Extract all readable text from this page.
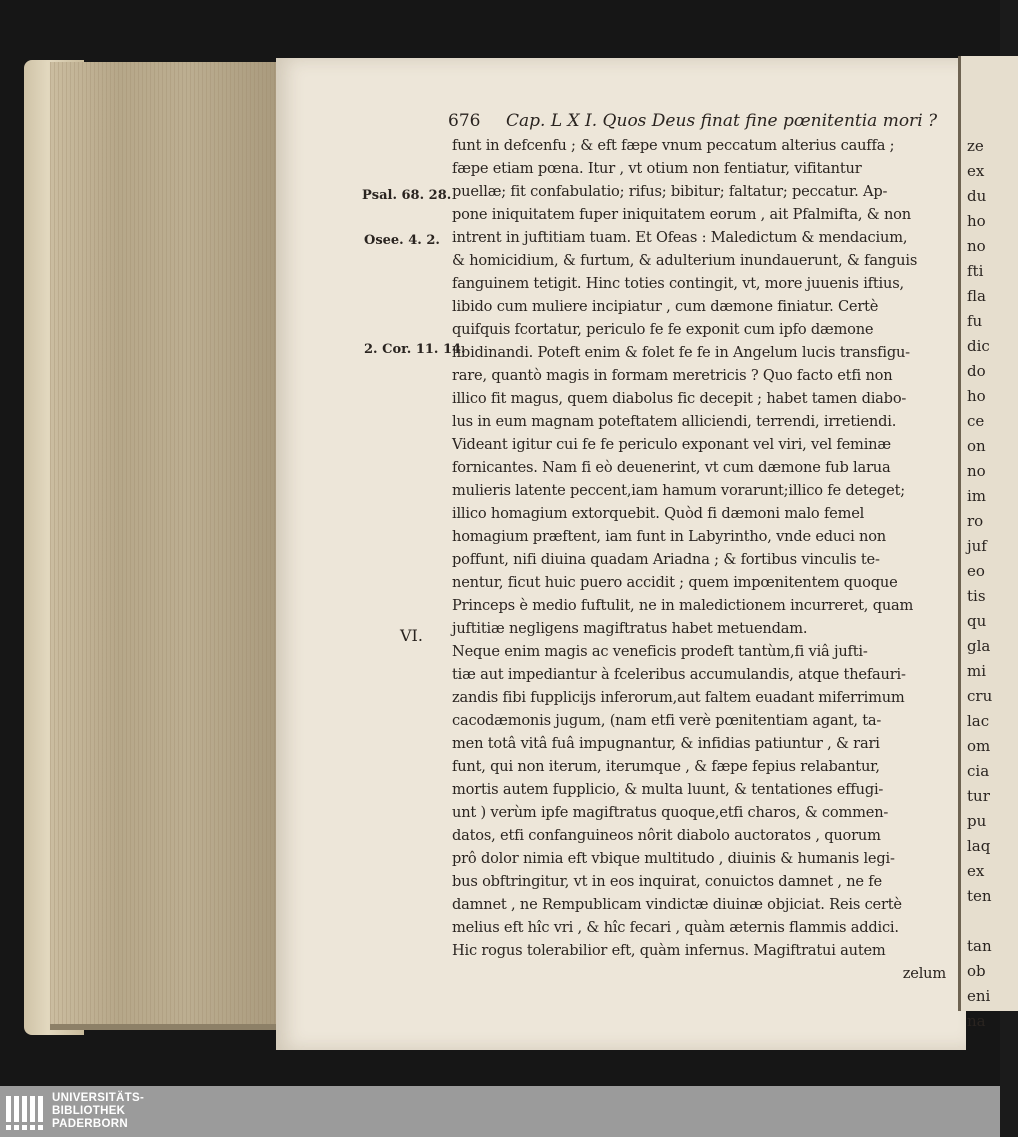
ze
ex
du
ho
no
fti
fla
fu
dic
do
ho
ce
on
no
im
ro
juf
eo
tis
qu
gla
mi
cru
lac
om
cia
tur
pu
laq
ex
ten
tan
ob
eni
na
676 Cap. L X I. Quos Deus finat fine pœnitentia mori ?
Psal. 68. 28.
Osee. 4. 2.
2. Cor. 11. 14.
VI.
funt in defcenfu ; & eft fæpe vnum peccatum alterius cauffa ;
fæpe etiam pœna. Itur , vt otium non fentiatur, vifitantur
puellæ; fit confabulatio; rifus; bibitur; faltatur; peccatur. Ap-
pone iniquitatem fuper iniquitatem eorum , ait Pfalmifta, & non
intrent in juftitiam tuam. Et Ofeas : Maledictum & mendacium,
& homicidium, & furtum, & adulterium inundauerunt, & fanguis
fanguinem tetigit. Hinc toties contingit, vt, more juuenis iftius,
libido cum muliere incipiatur , cum dæmone finiatur. Certè
quifquis fcortatur, periculo fe fe exponit cum ipfo dæmone
libidinandi. Poteft enim & folet fe fe in Angelum lucis transfigu-
rare, quantò magis in formam meretricis ? Quo facto etfi non
illico fit magus, quem diabolus fic decepit ; habet tamen diabo-
lus in eum magnam poteftatem alliciendi, terrendi, irretiendi.
Videant igitur cui fe fe periculo exponant vel viri, vel feminæ
fornicantes. Nam fi eò deuenerint, vt cum dæmone fub larua
mulieris latente peccent,iam hamum vorarunt;illico fe deteget;
illico homagium extorquebit. Quòd fi dæmoni malo femel
homagium præftent, iam funt in Labyrintho, vnde educi non
poffunt, nifi diuina quadam Ariadna ; & fortibus vinculis te-
nentur, ficut huic puero accidit ; quem impœnitentem quoque
Princeps è medio fuftulit, ne in maledictionem incurreret, quam
juftitiæ negligens magiftratus habet metuendam.
Neque enim magis ac veneficis prodeft tantùm,fi viâ jufti-
tiæ aut impediantur à fceleribus accumulandis, atque thefauri-
zandis fibi fupplicijs inferorum,aut faltem euadant miferrimum
cacodæmonis jugum, (nam etfi verè pœnitentiam agant, ta-
men totâ vitâ fuâ impugnantur, & infidias patiuntur , & rari
funt, qui non iterum, iterumque , & fæpe fepius relabantur,
mortis autem fupplicio, & multa luunt, & tentationes effugi-
unt ) verùm ipfe magiftratus quoque,etfi charos, & commen-
datos, etfi confanguineos nôrit diabolo auctoratos , quorum
prô dolor nimia eft vbique multitudo , diuinis & humanis legi-
bus obftringitur, vt in eos inquirat, conuictos damnet , ne fe
damnet , ne Rempublicam vindictæ diuinæ objiciat. Reis certè
melius eft hîc vri , & hîc fecari , quàm æternis flammis addici.
Hic rogus tolerabilior eft, quàm infernus. Magiftratui autem
zelum
UNIVERSITÄTS-
BIBLIOTHEK
PADERBORN
